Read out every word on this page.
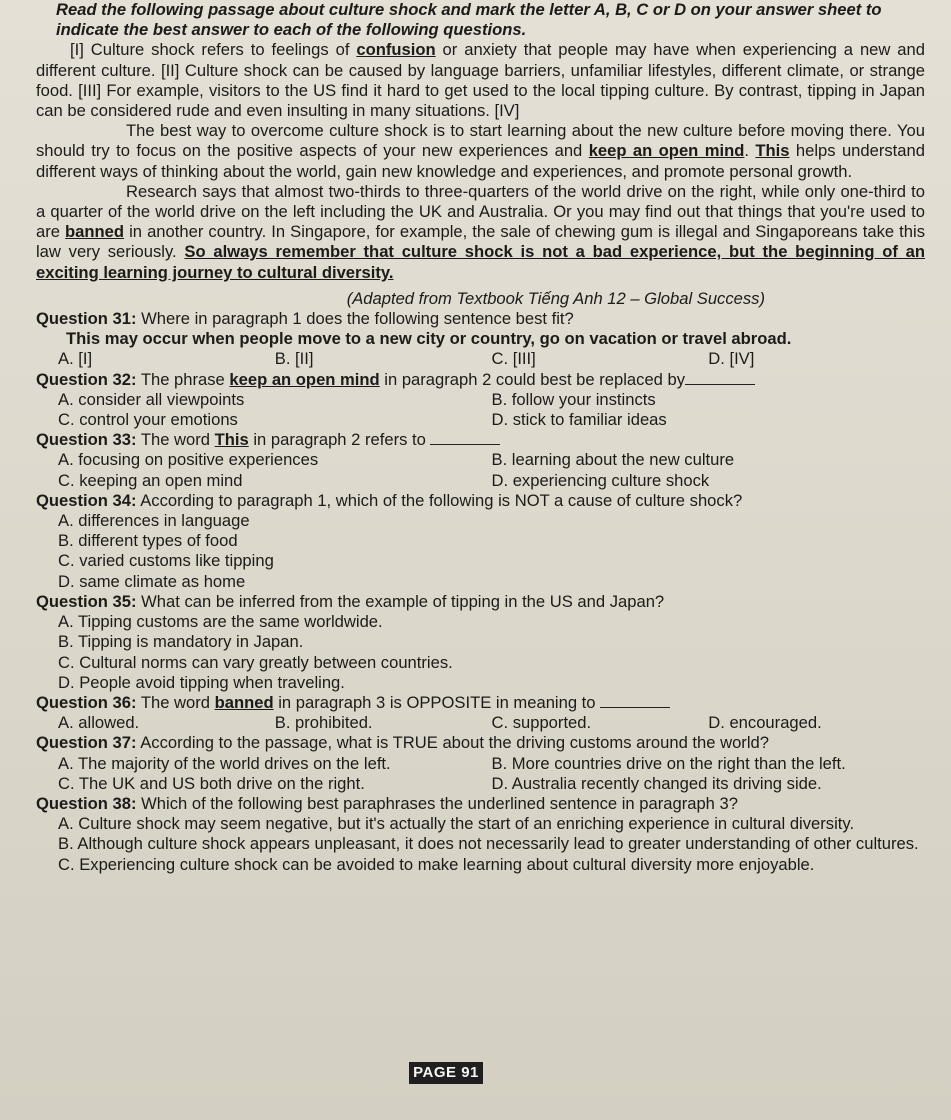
Read the following passage about culture shock and mark the letter A, B, C or D on your answer sheet to indicate the best answer to each of the following questions.

[I] Culture shock refers to feelings of confusion or anxiety that people may have when experiencing a new and different culture. [II] Culture shock can be caused by language barriers, unfamiliar lifestyles, different climate, or strange food. [III] For example, visitors to the US find it hard to get used to the local tipping culture. By contrast, tipping in Japan can be considered rude and even insulting in many situations. [IV]

The best way to overcome culture shock is to start learning about the new culture before moving there. You should try to focus on the positive aspects of your new experiences and keep an open mind. This helps understand different ways of thinking about the world, gain new knowledge and experiences, and promote personal growth.

Research says that almost two-thirds to three-quarters of the world drive on the right, while only one-third to a quarter of the world drive on the left including the UK and Australia. Or you may find out that things that you're used to are banned in another country. In Singapore, for example, the sale of chewing gum is illegal and Singaporeans take this law very seriously. So always remember that culture shock is not a bad experience, but the beginning of an exciting learning journey to cultural diversity.

(Adapted from Textbook Tiếng Anh 12 – Global Success)

Question 31: Where in paragraph 1 does the following sentence best fit?

This may occur when people move to a new city or country, go on vacation or travel abroad.

A. [I]	B. [II]	C. [III]	D. [IV]

Question 32: The phrase keep an open mind in paragraph 2 could best be replaced by

A. consider all viewpoints	B. follow your instincts
C. control your emotions	D. stick to familiar ideas

Question 33: The word This in paragraph 2 refers to

A. focusing on positive experiences	B. learning about the new culture
C. keeping an open mind	D. experiencing culture shock

Question 34: According to paragraph 1, which of the following is NOT a cause of culture shock?

A. differences in language

B. different types of food

C. varied customs like tipping

D. same climate as home

Question 35: What can be inferred from the example of tipping in the US and Japan?

A. Tipping customs are the same worldwide.

B. Tipping is mandatory in Japan.

C. Cultural norms can vary greatly between countries.

D. People avoid tipping when traveling.

Question 36: The word banned in paragraph 3 is OPPOSITE in meaning to

A. allowed.	B. prohibited.	C. supported.	D. encouraged.

Question 37: According to the passage, what is TRUE about the driving customs around the world?

A. The majority of the world drives on the left.	B. More countries drive on the right than the left.
C. The UK and US both drive on the right.	D. Australia recently changed its driving side.

Question 38: Which of the following best paraphrases the underlined sentence in paragraph 3?

A. Culture shock may seem negative, but it's actually the start of an enriching experience in cultural diversity.

B. Although culture shock appears unpleasant, it does not necessarily lead to greater understanding of other cultures.

C. Experiencing culture shock can be avoided to make learning about cultural diversity more enjoyable.

PAGE 91
